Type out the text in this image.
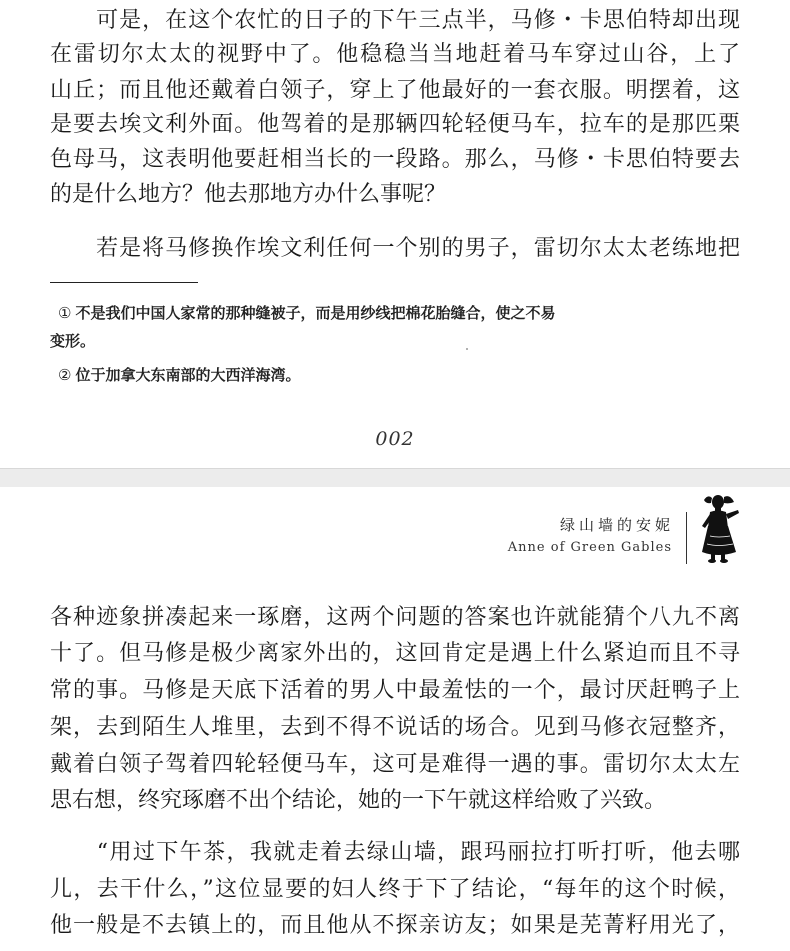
　　可是，在这个农忙的日子的下午三点半，马修・卡思伯特却出现
在雷切尔太太的视野中了。他稳稳当当地赶着马车穿过山谷，上了
山丘；而且他还戴着白领子，穿上了他最好的一套衣服。明摆着，这
是要去埃文利外面。他驾着的是那辆四轮轻便马车，拉车的是那匹栗
色母马，这表明他要赶相当长的一段路。那么，马修・卡思伯特要去
的是什么地方？他去那地方办什么事呢？
　　若是将马修换作埃文利任何一个别的男子，雷切尔太太老练地把
① 不是我们中国人家常的那种缝被子，而是用纱线把棉花胎缝合，使之不易
变形。
② 位于加拿大东南部的大西洋海湾。
002
绿山墙的安妮
Anne of Green Gables
各种迹象拼凑起来一琢磨，这两个问题的答案也许就能猜个八九不离
十了。但马修是极少离家外出的，这回肯定是遇上什么紧迫而且不寻
常的事。马修是天底下活着的男人中最羞怯的一个，最讨厌赶鸭子上
架，去到陌生人堆里，去到不得不说话的场合。见到马修衣冠整齐，
戴着白领子驾着四轮轻便马车，这可是难得一遇的事。雷切尔太太左
思右想，终究琢磨不出个结论，她的一下午就这样给败了兴致。
　　“用过下午茶，我就走着去绿山墙，跟玛丽拉打听打听，他去哪
儿，去干什么，”这位显要的妇人终于下了结论，“每年的这个时候，
他一般是不去镇上的，而且他从不探亲访友；如果是芜菁籽用光了，
